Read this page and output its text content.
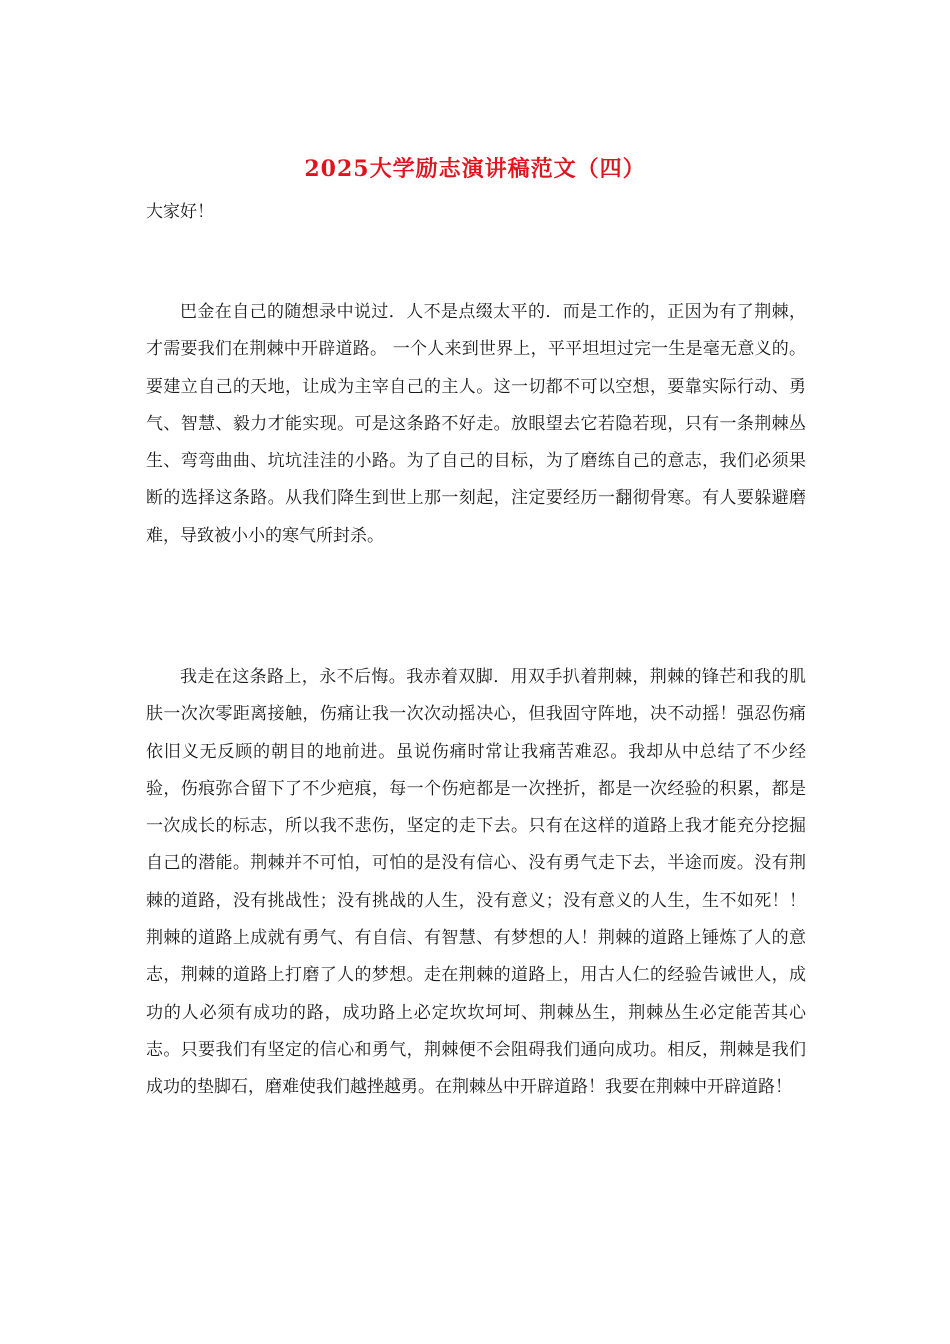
2025大学励志演讲稿范文（四）
大家好！

巴金在自己的随想录中说过．人不是点缀太平的．而是工作的，正因为有了荆棘，才需要我们在荆棘中开辟道路。 一个人来到世界上，平平坦坦过完一生是毫无意义的。要建立自己的天地，让成为主宰自己的主人。这一切都不可以空想，要靠实际行动、勇气、智慧、毅力才能实现。可是这条路不好走。放眼望去它若隐若现，只有一条荆棘丛生、弯弯曲曲、坑坑洼洼的小路。为了自己的目标，为了磨练自己的意志，我们必须果断的选择这条路。从我们降生到世上那一刻起，注定要经历一翻彻骨寒。有人要躲避磨难，导致被小小的寒气所封杀。

我走在这条路上，永不后悔。我赤着双脚．用双手扒着荆棘，荆棘的锋芒和我的肌肤一次次零距离接触，伤痛让我一次次动摇决心，但我固守阵地，决不动摇！强忍伤痛依旧义无反顾的朝目的地前进。虽说伤痛时常让我痛苦难忍。我却从中总结了不少经验，伤痕弥合留下了不少疤痕，每一个伤疤都是一次挫折，都是一次经验的积累，都是一次成长的标志，所以我不悲伤，坚定的走下去。只有在这样的道路上我才能充分挖掘自己的潜能。荆棘并不可怕，可怕的是没有信心、没有勇气走下去，半途而废。没有荆棘的道路，没有挑战性；没有挑战的人生，没有意义；没有意义的人生，生不如死！！荆棘的道路上成就有勇气、有自信、有智慧、有梦想的人！荆棘的道路上锤炼了人的意志，荆棘的道路上打磨了人的梦想。走在荆棘的道路上，用古人仁的经验告诫世人，成功的人必须有成功的路，成功路上必定坎坎坷坷、荆棘丛生，荆棘丛生必定能苦其心志。只要我们有坚定的信心和勇气，荆棘便不会阻碍我们通向成功。相反，荆棘是我们成功的垫脚石，磨难使我们越挫越勇。在荆棘丛中开辟道路！我要在荆棘中开辟道路！
